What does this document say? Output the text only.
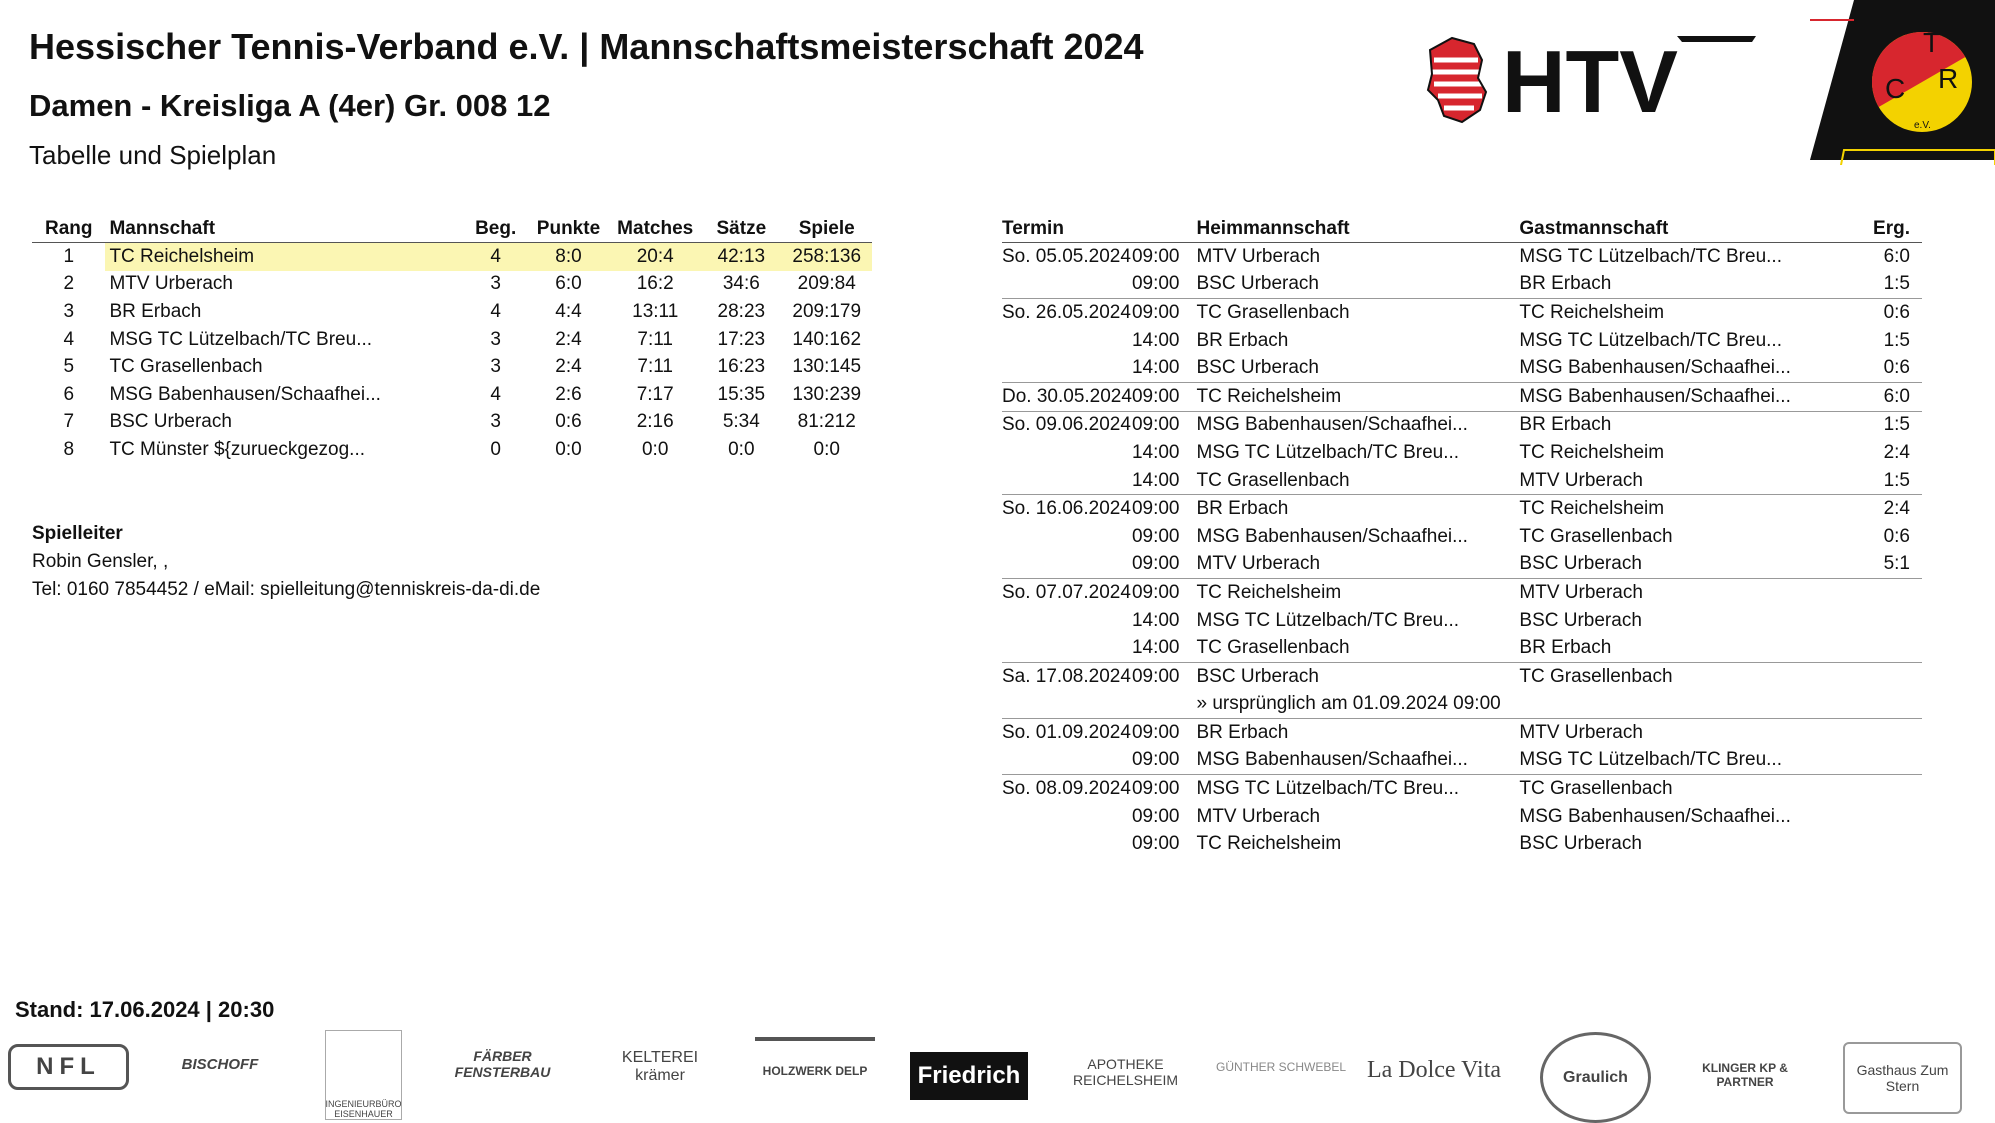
Hessischer Tennis-Verband e.V. | Mannschaftsmeisterschaft 2024
Damen - Kreisliga A (4er) Gr. 008 12
Tabelle und Spielplan
HTV	T
C R
e.V.
Rang	Mannschaft	Beg.	Punkte	Matches	Sätze	Spiele
1	TC Reichelsheim	4	8:0	20:4	42:13	258:136
2	MTV Urberach	3	6:0	16:2	34:6	209:84
3	BR Erbach	4	4:4	13:11	28:23	209:179
4	MSG TC Lützelbach/TC Breu...	3	2:4	7:11	17:23	140:162
5	TC Grasellenbach	3	2:4	7:11	16:23	130:145
6	MSG Babenhausen/Schaafhei...	4	2:6	7:17	15:35	130:239
7	BSC Urberach	3	0:6	2:16	5:34	81:212
8	TC Münster ${zurueckgezog...	0	0:0	0:0	0:0	0:0
Termin		Heimmannschaft	Gastmannschaft	Erg.
So. 05.05.2024	09:00	MTV Urberach	MSG TC Lützelbach/TC Breu...	6:0
	09:00	BSC Urberach	BR Erbach	1:5
So. 26.05.2024	09:00	TC Grasellenbach	TC Reichelsheim	0:6
	14:00	BR Erbach	MSG TC Lützelbach/TC Breu...	1:5
	14:00	BSC Urberach	MSG Babenhausen/Schaafhei...	0:6
Do. 30.05.2024	09:00	TC Reichelsheim	MSG Babenhausen/Schaafhei...	6:0
So. 09.06.2024	09:00	MSG Babenhausen/Schaafhei...	BR Erbach	1:5
	14:00	MSG TC Lützelbach/TC Breu...	TC Reichelsheim	2:4
	14:00	TC Grasellenbach	MTV Urberach	1:5
So. 16.06.2024	09:00	BR Erbach	TC Reichelsheim	2:4
	09:00	MSG Babenhausen/Schaafhei...	TC Grasellenbach	0:6
	09:00	MTV Urberach	BSC Urberach	5:1
So. 07.07.2024	09:00	TC Reichelsheim	MTV Urberach	
	14:00	MSG TC Lützelbach/TC Breu...	BSC Urberach	
	14:00	TC Grasellenbach	BR Erbach	
Sa. 17.08.2024	09:00	BSC Urberach	TC Grasellenbach	
		» ursprünglich am 01.09.2024 09:00		
So. 01.09.2024	09:00	BR Erbach	MTV Urberach	
	09:00	MSG Babenhausen/Schaafhei...	MSG TC Lützelbach/TC Breu...	
So. 08.09.2024	09:00	MSG TC Lützelbach/TC Breu...	TC Grasellenbach	
	09:00	MTV Urberach	MSG Babenhausen/Schaafhei...	
	09:00	TC Reichelsheim	BSC Urberach	
Spielleiter
Robin Gensler, ,
Tel: 0160 7854452 / eMail: spielleitung@tenniskreis-da-di.de
Stand: 17.06.2024 | 20:30
NFL	BISCHOFF
INGENIEURBÜRO EISENHAUER
FÄRBER FENSTERBAU
KELTEREI krämer	HOLZWERK DELP	Friedrich	APOTHEKE REICHELSHEIM
GÜNTHER SCHWEBEL La Dolce Vita	Graulich
KLINGER KP & PARTNER
Gasthaus Zum Stern
